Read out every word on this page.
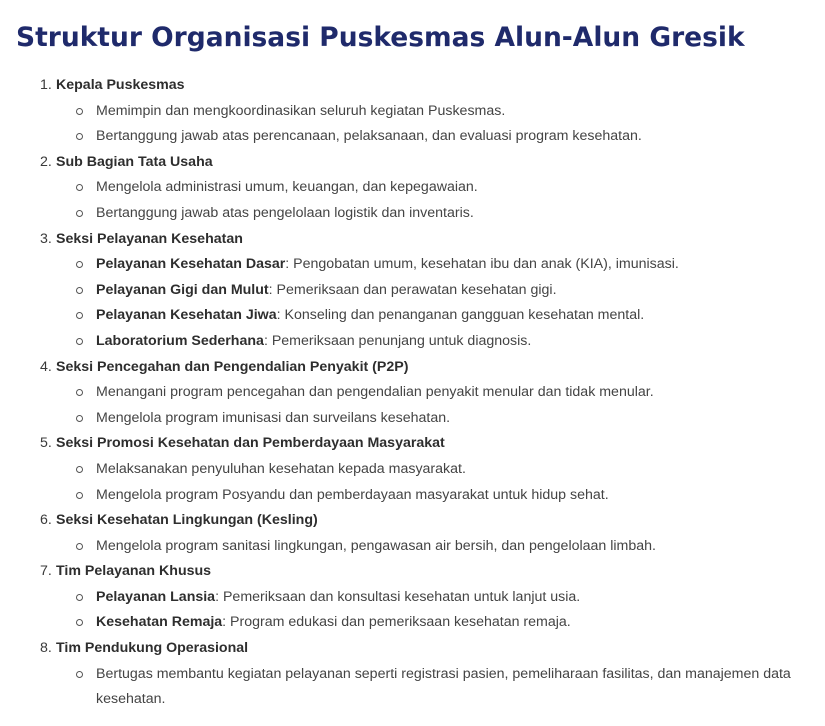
Struktur Organisasi Puskesmas Alun-Alun Gresik
1. Kepala Puskesmas
Memimpin dan mengkoordinasikan seluruh kegiatan Puskesmas.
Bertanggung jawab atas perencanaan, pelaksanaan, dan evaluasi program kesehatan.
2. Sub Bagian Tata Usaha
Mengelola administrasi umum, keuangan, dan kepegawaian.
Bertanggung jawab atas pengelolaan logistik dan inventaris.
3. Seksi Pelayanan Kesehatan
Pelayanan Kesehatan Dasar: Pengobatan umum, kesehatan ibu dan anak (KIA), imunisasi.
Pelayanan Gigi dan Mulut: Pemeriksaan dan perawatan kesehatan gigi.
Pelayanan Kesehatan Jiwa: Konseling dan penanganan gangguan kesehatan mental.
Laboratorium Sederhana: Pemeriksaan penunjang untuk diagnosis.
4. Seksi Pencegahan dan Pengendalian Penyakit (P2P)
Menangani program pencegahan dan pengendalian penyakit menular dan tidak menular.
Mengelola program imunisasi dan surveilans kesehatan.
5. Seksi Promosi Kesehatan dan Pemberdayaan Masyarakat
Melaksanakan penyuluhan kesehatan kepada masyarakat.
Mengelola program Posyandu dan pemberdayaan masyarakat untuk hidup sehat.
6. Seksi Kesehatan Lingkungan (Kesling)
Mengelola program sanitasi lingkungan, pengawasan air bersih, dan pengelolaan limbah.
7. Tim Pelayanan Khusus
Pelayanan Lansia: Pemeriksaan dan konsultasi kesehatan untuk lanjut usia.
Kesehatan Remaja: Program edukasi dan pemeriksaan kesehatan remaja.
8. Tim Pendukung Operasional
Bertugas membantu kegiatan pelayanan seperti registrasi pasien, pemeliharaan fasilitas, dan manajemen data kesehatan.
